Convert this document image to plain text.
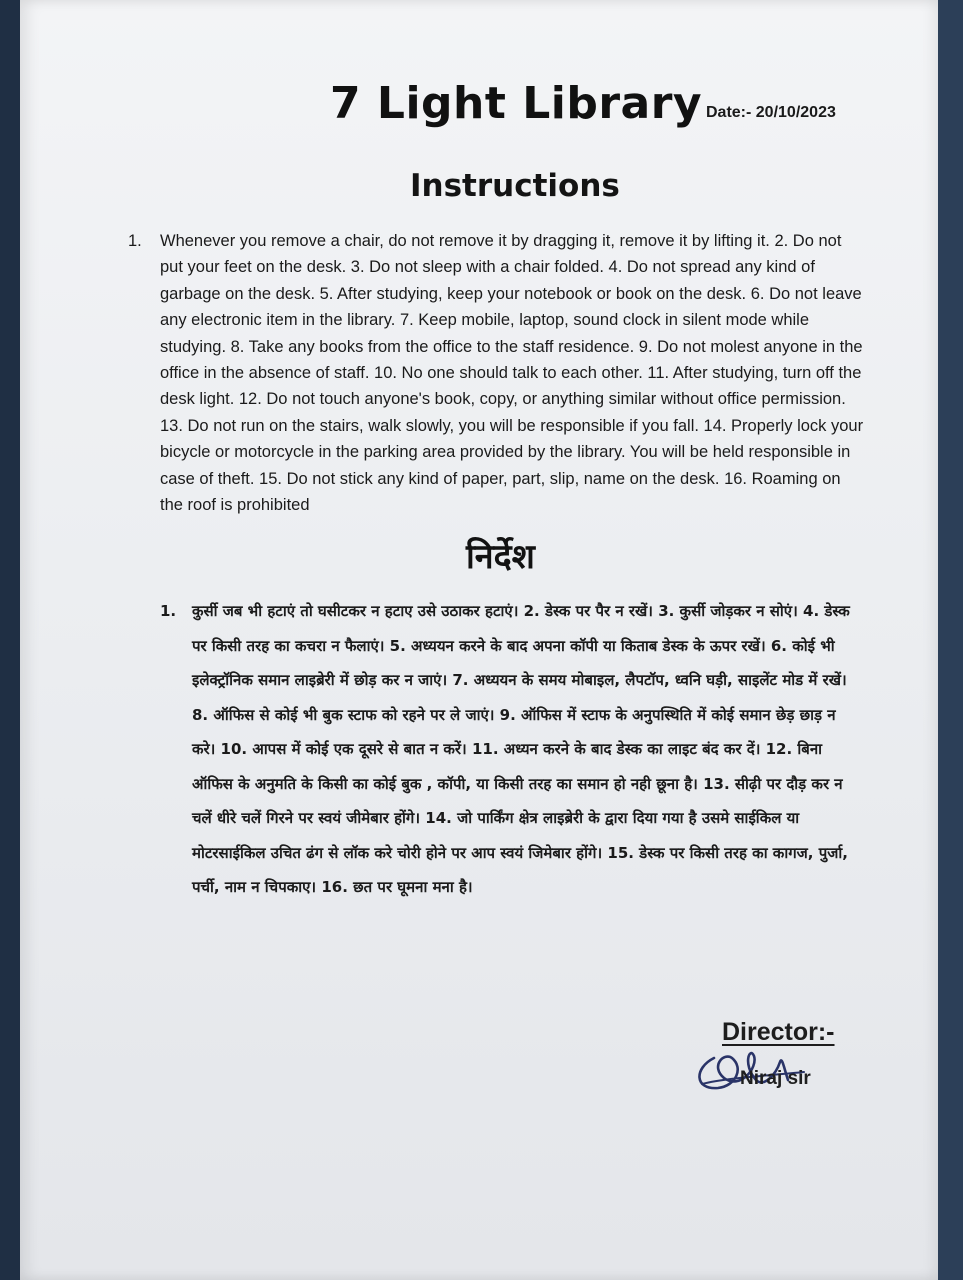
7 Light Library Date:- 20/10/2023
Instructions
1.	Whenever you remove a chair, do not remove it by dragging it, remove it by lifting it. 2. Do not put your feet on the desk. 3. Do not sleep with a chair folded. 4. Do not spread any kind of garbage on the desk. 5. After studying, keep your notebook or book on the desk. 6. Do not leave any electronic item in the library. 7. Keep mobile, laptop, sound clock in silent mode while studying. 8. Take any books from the office to the staff residence. 9. Do not molest anyone in the office in the absence of staff. 10. No one should talk to each other. 11. After studying, turn off the desk light. 12. Do not touch anyone's book, copy, or anything similar without office permission. 13. Do not run on the stairs, walk slowly, you will be responsible if you fall. 14. Properly lock your bicycle or motorcycle in the parking area provided by the library. You will be held responsible in case of theft. 15. Do not stick any kind of paper, part, slip, name on the desk. 16. Roaming on the roof is prohibited
निर्देश
1.	कुर्सी जब भी हटाएं तो घसीटकर न हटाए उसे उठाकर हटाएं। 2. डेस्क पर पैर न रखें। 3. कुर्सी जोड़कर न सोएं। 4. डेस्क पर किसी तरह का कचरा न फैलाएं। 5. अध्ययन करने के बाद अपना कॉपी या किताब डेस्क के ऊपर रखें। 6. कोई भी इलेक्ट्रॉनिक समान लाइब्रेरी में छोड़ कर न जाएं। 7. अध्ययन के समय मोबाइल, लैपटॉप, ध्वनि घड़ी, साइलेंट मोड में रखें। 8. ऑफिस से कोई भी बुक स्टाफ को रहने पर ले जाएं। 9. ऑफिस में स्टाफ के अनुपस्थिति में कोई समान छेड़ छाड़ न करे। 10. आपस में कोई एक दूसरे से बात न करें। 11. अध्यन करने के बाद डेस्क का लाइट बंद कर दें। 12. बिना ऑफिस के अनुमति के किसी का कोई बुक , कॉपी, या किसी तरह का समान हो नही छूना है। 13. सीढ़ी पर दौड़ कर न चलें धीरे चलें गिरने पर स्वयं जीमेबार होंगे। 14. जो पार्किंग क्षेत्र लाइब्रेरी के द्वारा दिया गया है उसमे साईकिल या मोटरसाईकिल उचित ढंग से लॉक करे चोरी होने पर आप स्वयं जिमेबार होंगे। 15. डेस्क पर किसी तरह का कागज, पुर्जा, पर्ची, नाम न चिपकाए। 16. छत पर घूमना मना है।
Director:-
Niraj sir
